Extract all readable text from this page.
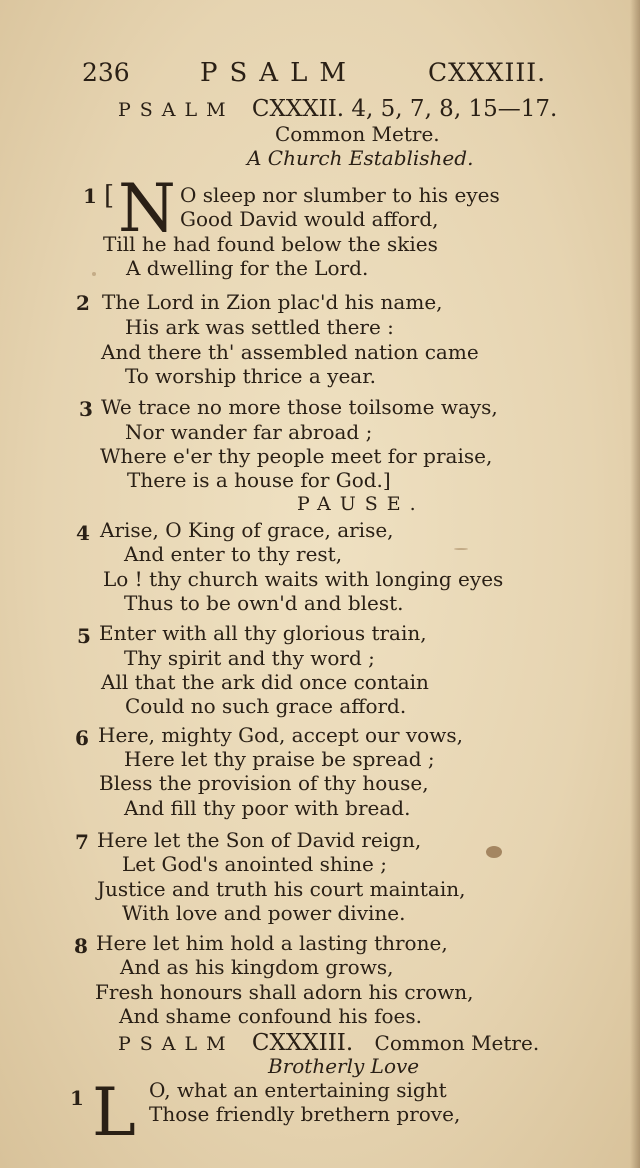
236	PSALM	CXXXIII.
PSALM CXXXII. 4, 5, 7, 8, 15—17.
Common Metre.
A Church Established.
1 [ N O sleep nor slumber to his eyes
Good David would afford,
Till he had found below the skies
A dwelling for the Lord.
2 The Lord in Zion plac'd his name,
His ark was settled there :
And there th' assembled nation came
To worship thrice a year.
3 We trace no more those toilsome ways,
Nor wander far abroad ;
Where e'er thy people meet for praise,
There is a house for God.]
PAUSE.
4 Arise, O King of grace, arise,
And enter to thy rest,
Lo ! thy church waits with longing eyes
Thus to be own'd and blest.
5 Enter with all thy glorious train,
Thy spirit and thy word ;
All that the ark did once contain
Could no such grace afford.
6 Here, mighty God, accept our vows,
Here let thy praise be spread ;
Bless the provision of thy house,
And fill thy poor with bread.
7 Here let the Son of David reign,
Let God's anointed shine ;
Justice and truth his court maintain,
With love and power divine.
8 Here let him hold a lasting throne,
And as his kingdom grows,
Fresh honours shall adorn his crown,
And shame confound his foes.
PSALM CXXXIII. Common Metre.
Brotherly Love
1 L O, what an entertaining sight
Those friendly brethern prove,
